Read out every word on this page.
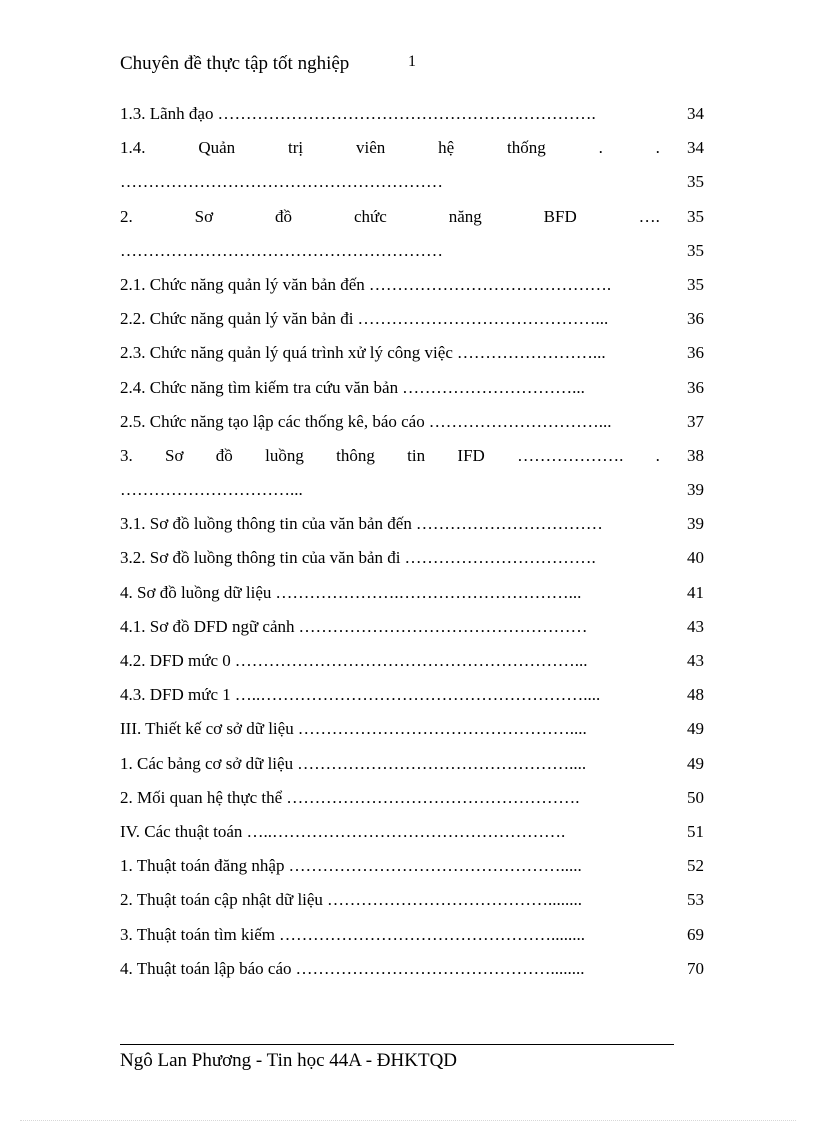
Chuyên đề thực tập tốt nghiệp	1
1.3. Lãnh đạo ………………………………………………………….	34
1.4.	Quản	trị	viên	hệ	thống	.	.	34
…………………………………………………	35
2.	Sơ	đồ	chức	năng	BFD	….	35
…………………………………………………	35
2.1. Chức năng quản lý văn bản đến …………………………………….	35
2.2. Chức năng quản lý văn bản đi ……………………………………...	36
2.3. Chức năng quản lý quá trình xử lý công việc ……………………...	36
2.4. Chức năng tìm kiếm tra cứu văn bản …………………………...	36
2.5. Chức năng tạo lập các thống kê, báo cáo …………………………...	37
3. Sơ đồ luồng thông tin IFD ………………. .	38
…………………………...	39
3.1. Sơ đồ luồng thông tin của văn bản đến ……………………………	39
3.2. Sơ đồ luồng thông tin của văn bản đi …………………………….	40
4. Sơ đồ luồng dữ liệu ………………….…………………………...	41
4.1. Sơ đồ DFD ngữ cảnh ……………………………………………	43
4.2. DFD mức 0 ……………………………………………………...	43
4.3. DFD mức 1 …..…………………………………………………....	48
III. Thiết kế cơ sở dữ liệu …………………………………………....	49
1. Các bảng cơ sở dữ liệu …………………………………………....	49
2. Mối quan hệ thực thể …………………………………………….	50
IV. Các thuật toán …..…………………………………………….	51
1. Thuật toán đăng nhập ………………………………………….....	52
2. Thuật toán cập nhật dữ liệu …………………………………........	53
3. Thuật toán tìm kiếm …………………………………………........	69
4. Thuật toán lập báo cáo ………………………………………........	70
Ngô Lan Phương - Tin học 44A - ĐHKTQD
